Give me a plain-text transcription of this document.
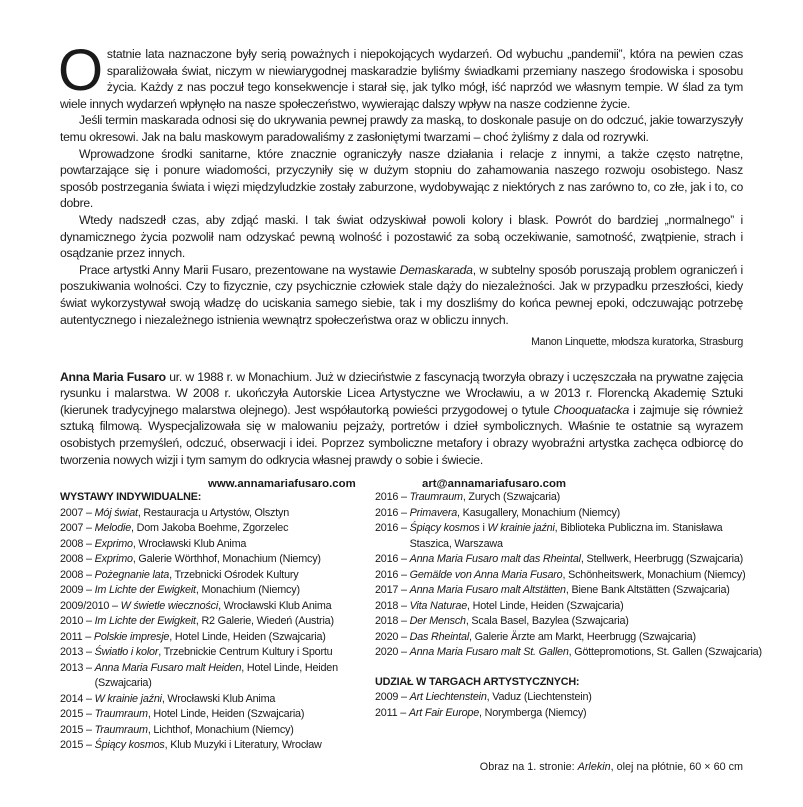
Ostatnie lata naznaczone były serią poważnych i niepokojących wydarzeń. Od wybuchu „pandemii”, która na pewien czas sparaliżowała świat, niczym w niewiarygodnej maskaradzie byliśmy świadkami przemiany naszego środowiska i sposobu życia. Każdy z nas poczuł tego konsekwencje i starał się, jak tylko mógł, iść naprzód we własnym tempie. W ślad za tym wiele innych wydarzeń wpłynęło na nasze społeczeństwo, wywierając dalszy wpływ na nasze codzienne życie.

Jeśli termin maskarada odnosi się do ukrywania pewnej prawdy za maską, to doskonale pasuje on do odczuć, jakie towarzyszyły temu okresowi. Jak na balu maskowym paradowaliśmy z zasłoniętymi twarzami – choć żyliśmy z dala od rozrywki.

Wprowadzone środki sanitarne, które znacznie ograniczyły nasze działania i relacje z innymi, a także często natrętne, powtarzające się i ponure wiadomości, przyczyniły się w dużym stopniu do zahamowania naszego rozwoju osobistego. Nasz sposób postrzegania świata i więzi międzyludzkie zostały zaburzone, wydobywając z niektórych z nas zarówno to, co złe, jak i to, co dobre.

Wtedy nadszedł czas, aby zdjąć maski. I tak świat odzyskiwał powoli kolory i blask. Powrót do bardziej „normalnego” i dynamicznego życia pozwolił nam odzyskać pewną wolność i pozostawić za sobą oczekiwanie, samotność, zwątpienie, strach i osądzanie przez innych.

Prace artystki Anny Marii Fusaro, prezentowane na wystawie Demaskarada, w subtelny sposób poruszają problem ograniczeń i poszukiwania wolności. Czy to fizycznie, czy psychicznie człowiek stale dąży do niezależności. Jak w przypadku przeszłości, kiedy świat wykorzystywał swoją władzę do uciskania samego siebie, tak i my doszliśmy do końca pewnej epoki, odczuwając potrzebę autentycznego i niezależnego istnienia wewnątrz społeczeństwa oraz w obliczu innych.

Manon Linquette, młodsza kuratorka, Strasburg

Anna Maria Fusaro ur. w 1988 r. w Monachium. Już w dzieciństwie z fascynacją tworzyła obrazy i uczęszczała na prywatne zajęcia rysunku i malarstwa. W 2008 r. ukończyła Autorskie Licea Artystyczne we Wrocławiu, a w 2013 r. Florencką Akademię Sztuki (kierunek tradycyjnego malarstwa olejnego). Jest współautorką powieści przygodowej o tytule Chooquatacka i zajmuje się również sztuką filmową. Wyspecjalizowała się w malowaniu pejzaży, portretów i dzieł symbolicznych. Właśnie te ostatnie są wyrazem osobistych przemyśleń, odczuć, obserwacji i idei. Poprzez symboliczne metafory i obrazy wyobraźni artystka zachęca odbiorcę do tworzenia nowych wizji i tym samym do odkrycia własnej prawdy o sobie i świecie.

www.annamariafusaro.com	art@annamariafusaro.com
WYSTAWY INDYWIDUALNE:
2007 – Mój świat, Restauracja u Artystów, Olsztyn
2007 – Melodie, Dom Jakoba Boehme, Zgorzelec
2008 – Exprimo, Wrocławski Klub Anima
2008 – Exprimo, Galerie Wörthhof, Monachium (Niemcy)
2008 – Pożegnanie lata, Trzebnicki Ośrodek Kultury
2009 – Im Lichte der Ewigkeit, Monachium (Niemcy)
2009/2010 – W świetle wieczności, Wrocławski Klub Anima
2010 – Im Lichte der Ewigkeit, R2 Galerie, Wiedeń (Austria)
2011 – Polskie impresje, Hotel Linde, Heiden (Szwajcaria)
2013 – Światło i kolor, Trzebnickie Centrum Kultury i Sportu
2013 – Anna Maria Fusaro malt Heiden, Hotel Linde, Heiden (Szwajcaria)
2014 – W krainie jaźni, Wrocławski Klub Anima
2015 – Traumraum, Hotel Linde, Heiden (Szwajcaria)
2015 – Traumraum, Lichthof, Monachium (Niemcy)
2015 – Śpiący kosmos, Klub Muzyki i Literatury, Wrocław
2016 – Traumraum, Zurych (Szwajcaria)
2016 – Primavera, Kasugallery, Monachium (Niemcy)
2016 – Śpiący kosmos i W krainie jaźni, Biblioteka Publiczna im. Stanisława Staszica, Warszawa
2016 – Anna Maria Fusaro malt das Rheintal, Stellwerk, Heerbrugg (Szwajcaria)
2016 – Gemälde von Anna Maria Fusaro, Schönheitswerk, Monachium (Niemcy)
2017 – Anna Maria Fusaro malt Altstätten, Biene Bank Altstätten (Szwajcaria)
2018 – Vita Naturae, Hotel Linde, Heiden (Szwajcaria)
2018 – Der Mensch, Scala Basel, Bazylea (Szwajcaria)
2020 – Das Rheintal, Galerie Ärzte am Markt, Heerbrugg (Szwajcaria)
2020 – Anna Maria Fusaro malt St. Gallen, Göttepromotions, St. Gallen (Szwajcaria)
UDZIAŁ W TARGACH ARTYSTYCZNYCH:
2009 – Art Liechtenstein, Vaduz (Liechtenstein)
2011 – Art Fair Europe, Norymberga (Niemcy)
Obraz na 1. stronie: Arlekin, olej na płótnie, 60 × 60 cm
